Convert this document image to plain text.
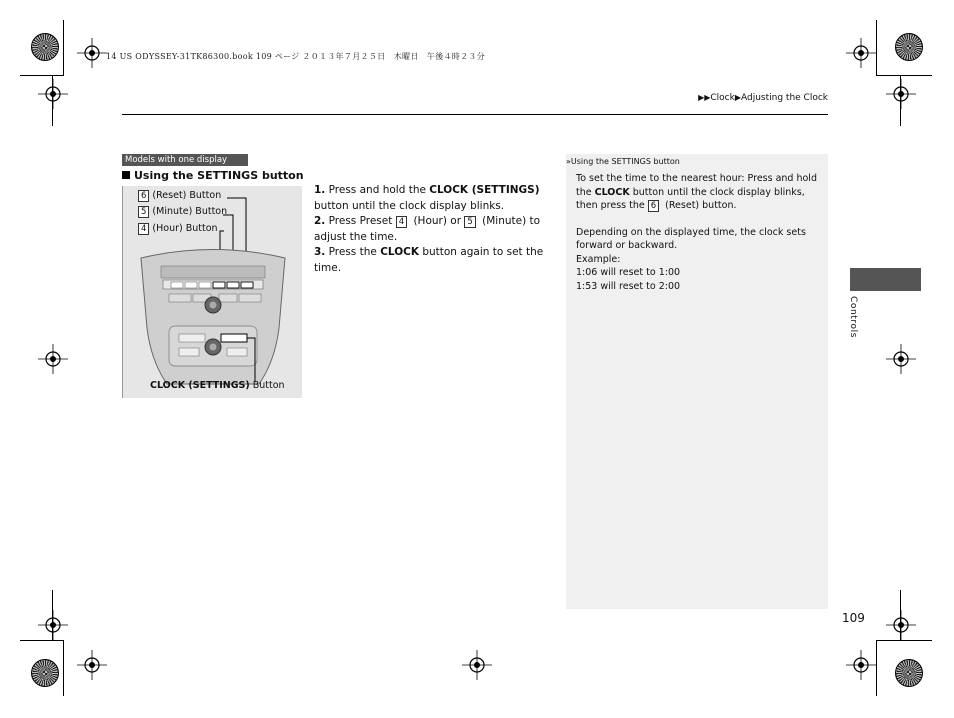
14 US ODYSSEY-31TK86300.book 109 ページ ２０１３年７月２５日　木曜日　午後４時２３分
▶▶Clock▶Adjusting the Clock
Models with one display
Using the SETTINGS button
6 (Reset) Button
5 (Minute) Button
4 (Hour) Button
CLOCK (SETTINGS) Button
1. Press and hold the CLOCK (SETTINGS) button until the clock display blinks.
2. Press Preset 4 (Hour) or 5 (Minute) to adjust the time.
3. Press the CLOCK button again to set the time.
»Using the SETTINGS button

To set the time to the nearest hour: Press and hold the CLOCK button until the clock display blinks, then press the 6 (Reset) button.

Depending on the displayed time, the clock sets forward or backward.

Example:

1:06 will reset to 1:00

1:53 will reset to 2:00

Controls
109
